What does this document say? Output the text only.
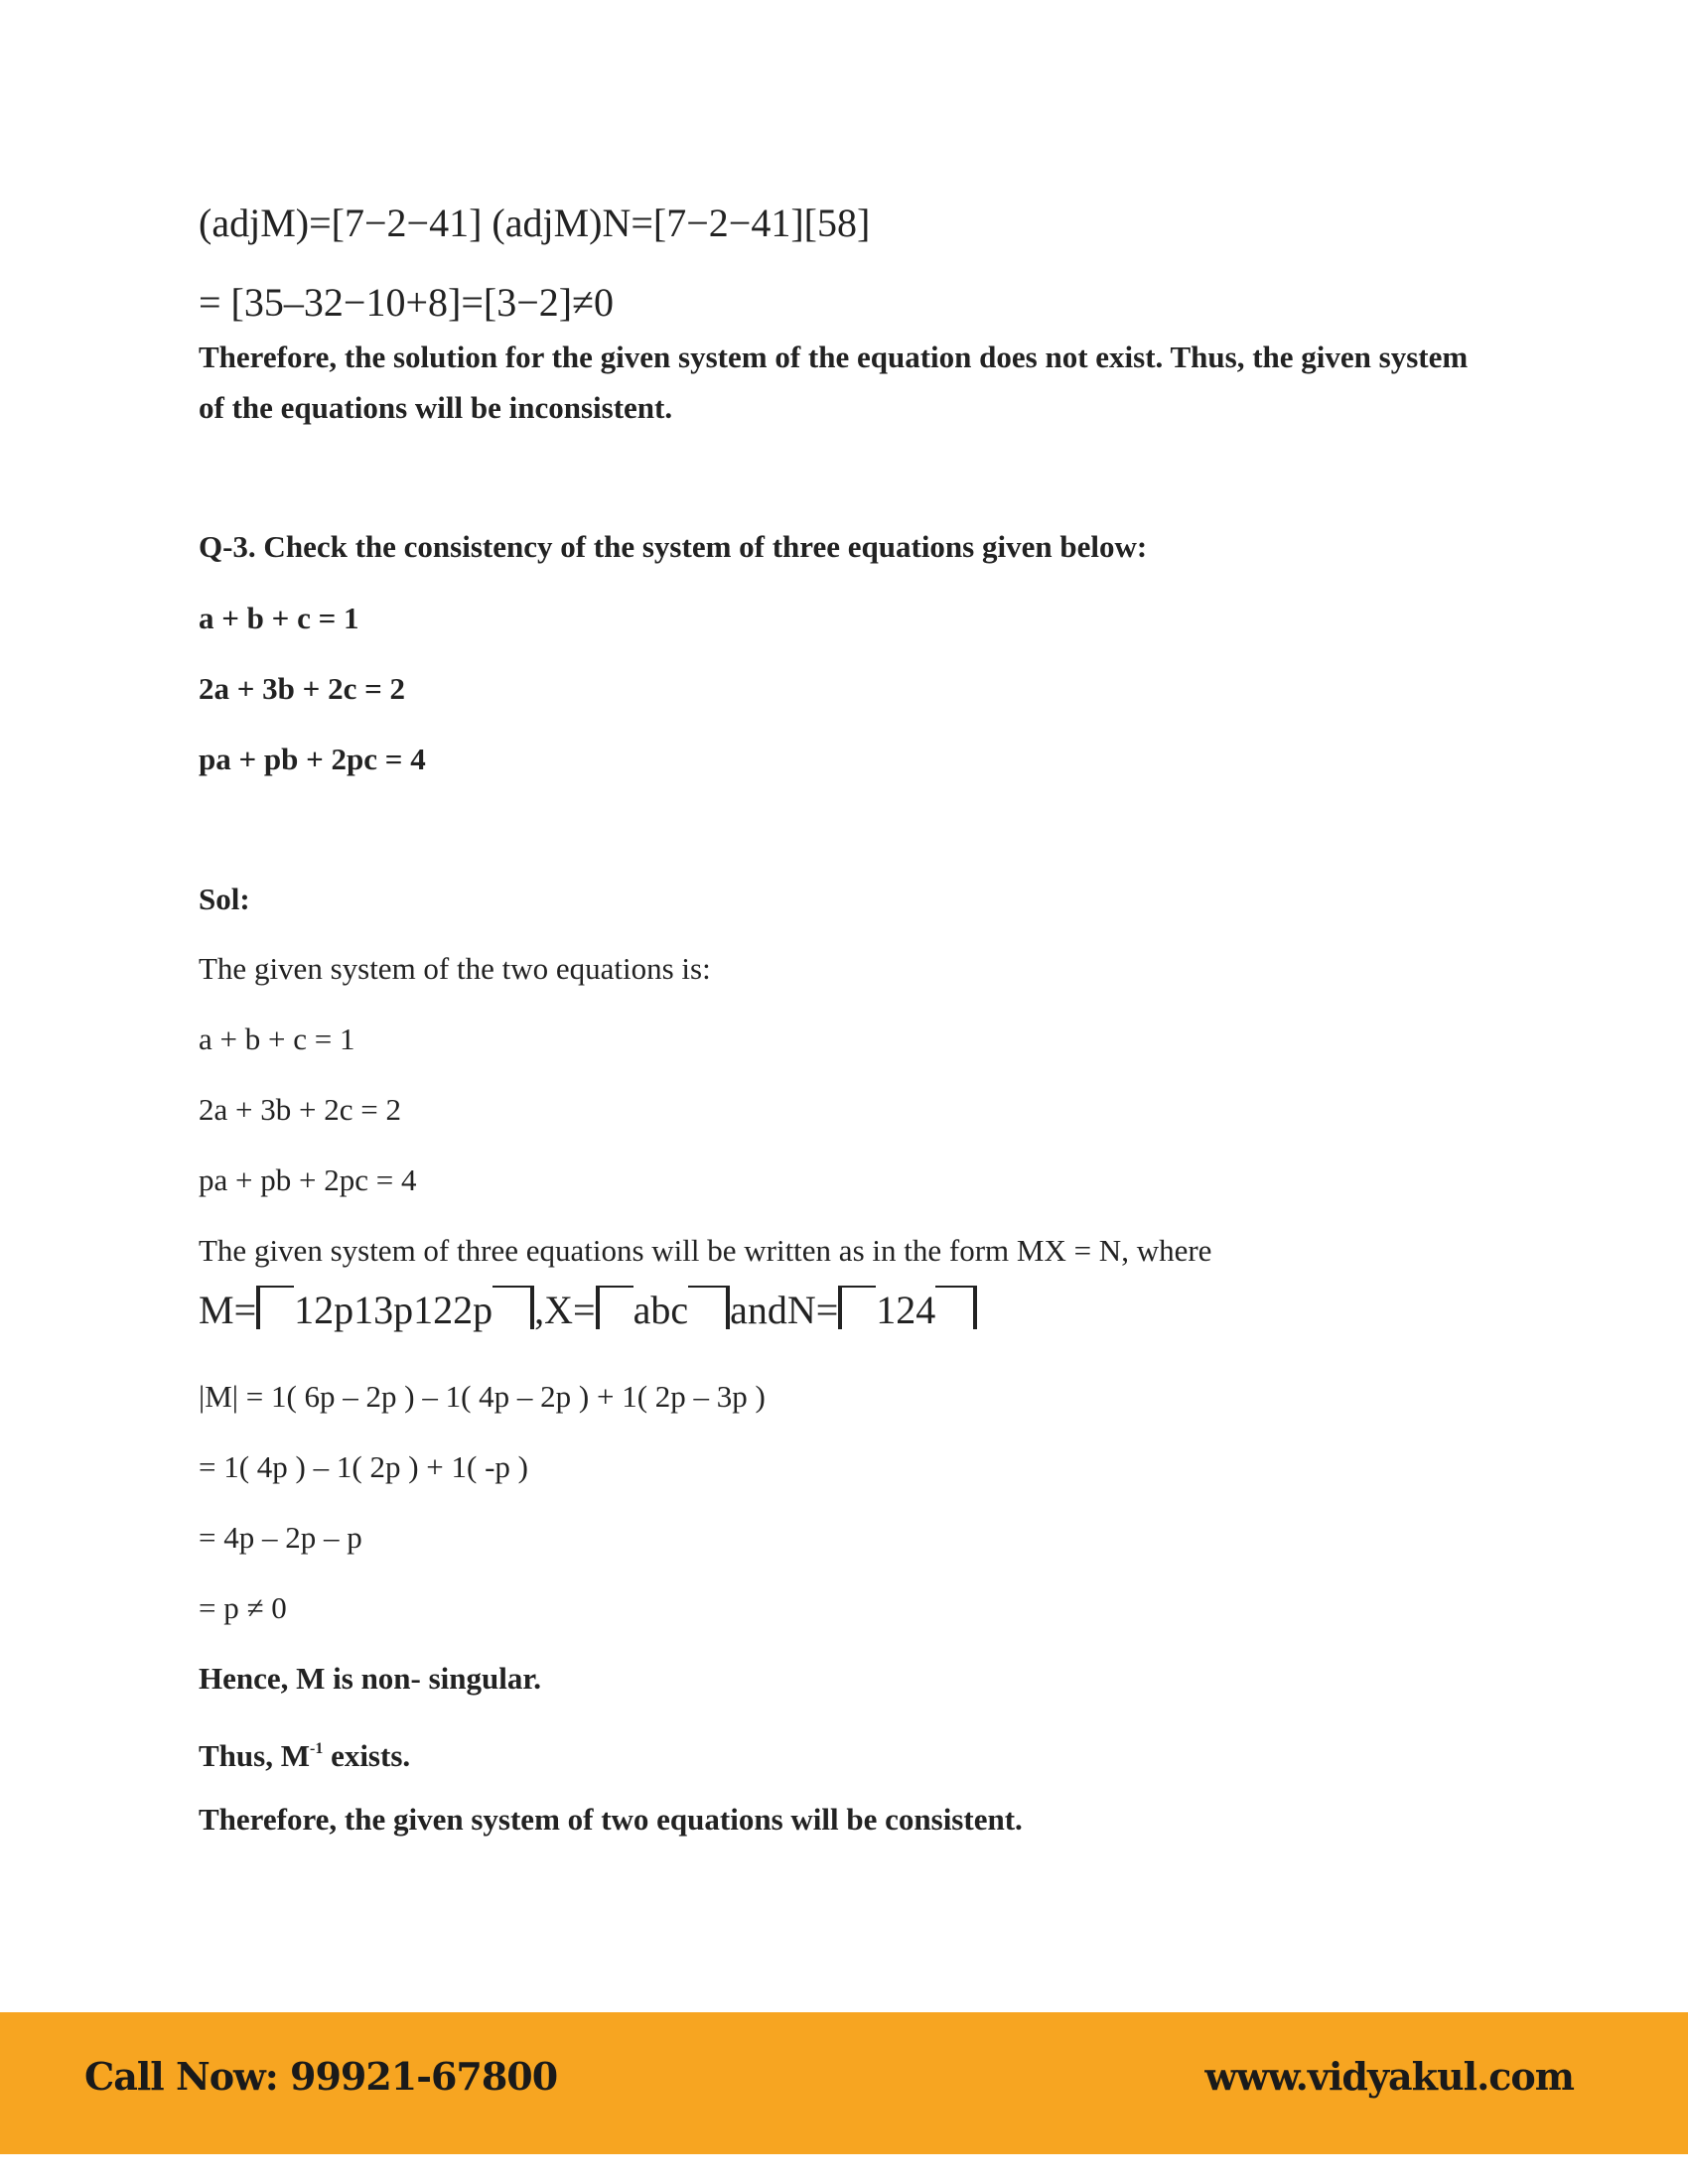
(adjM)=[7−2−41] (adjM)N=[7−2−41][58]
= [35–32−10+8]=[3−2]≠0
Therefore, the solution for the given system of the equation does not exist. Thus, the given system of the equations will be inconsistent.
Q-3. Check the consistency of the system of three equations given below:
a + b + c = 1
2a + 3b + 2c = 2
pa + pb + 2pc = 4
Sol:
The given system of the two equations is:
a + b + c = 1
2a + 3b + 2c = 2
pa + pb + 2pc = 4
The given system of three equations will be written as in the form MX = N, where
M= 12p13p122p ,X= abc andN= 124
|M| = 1( 6p – 2p ) – 1( 4p – 2p ) + 1( 2p – 3p )
= 1( 4p ) – 1( 2p ) + 1( -p )
= 4p – 2p – p
= p ≠ 0
Hence, M is non- singular.
Thus, $M^{-1}$ exists.
Therefore, the given system of two equations will be consistent.
Call Now: 99921-67800	www.vidyakul.com
